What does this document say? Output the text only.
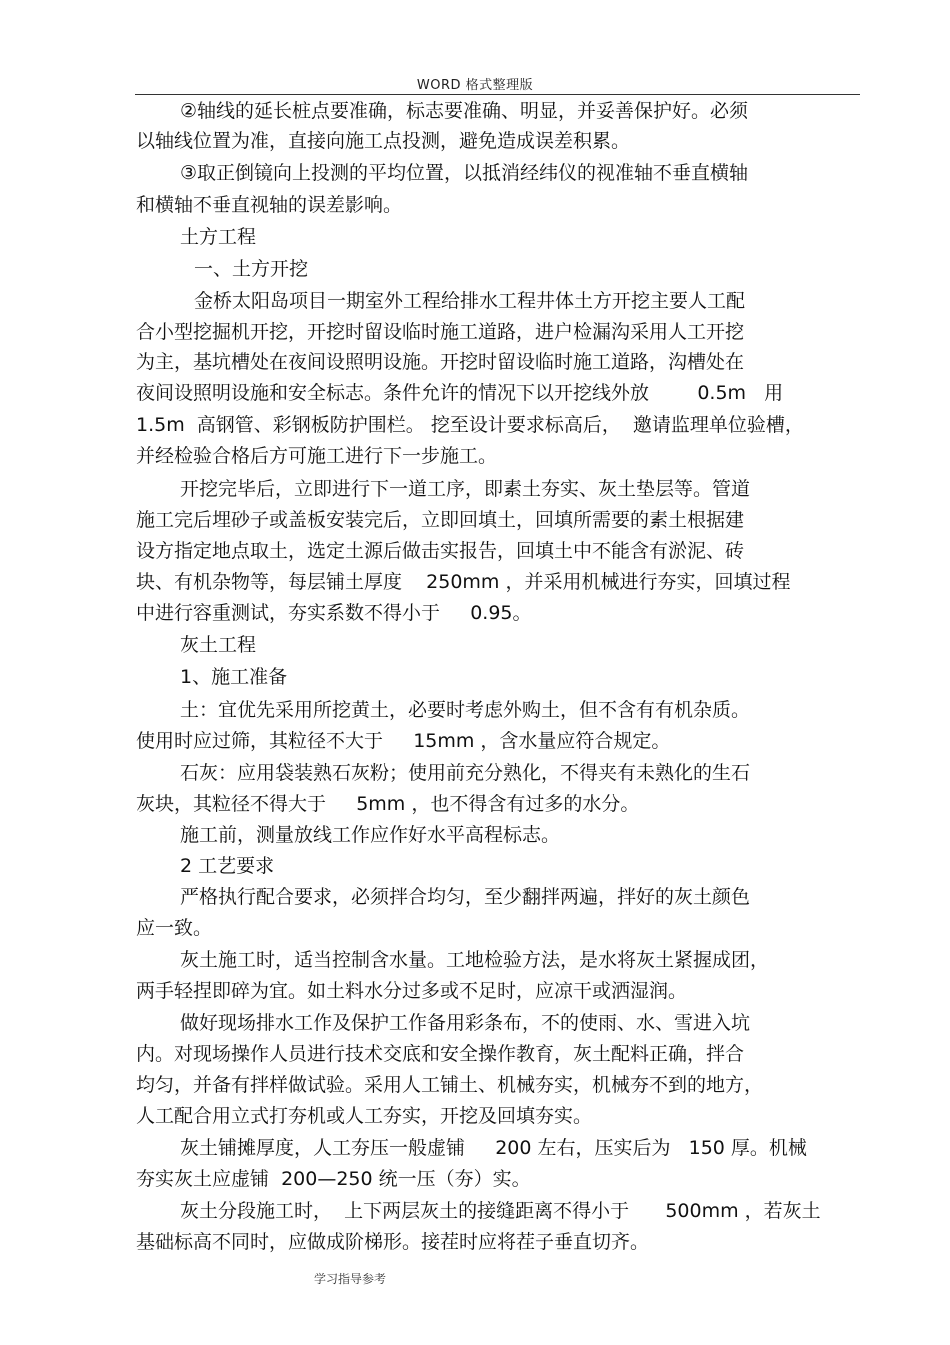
WORD 格式整理版
②轴线的延长桩点要准确，标志要准确、明显，并妥善保护好。必须
以轴线位置为准，直接向施工点投测，避免造成误差积累。
③取正倒镜向上投测的平均位置，以抵消经纬仪的视准轴不垂直横轴
和横轴不垂直视轴的误差影响。
土方工程
一、土方开挖
金桥太阳岛项目一期室外工程给排水工程井体土方开挖主要人工配
合小型挖掘机开挖，开挖时留设临时施工道路，进户检漏沟采用人工开挖
为主，基坑槽处在夜间设照明设施。开挖时留设临时施工道路，沟槽处在
夜间设照明设施和安全标志。条件允许的情况下以开挖线外放        0.5m   用
1.5m  高钢管、彩钢板防护围栏。 挖至设计要求标高后，  邀请监理单位验槽，
并经检验合格后方可施工进行下一步施工。
开挖完毕后，立即进行下一道工序，即素土夯实、灰土垫层等。管道
施工完后埋砂子或盖板安装完后，立即回填土，回填所需要的素土根据建
设方指定地点取土，选定土源后做击实报告，回填土中不能含有淤泥、砖
块、有机杂物等，每层铺土厚度    250mm ，并采用机械进行夯实，回填过程
中进行容重测试，夯实系数不得小于     0.95。
灰土工程
1、施工准备
土：宜优先采用所挖黄土，必要时考虑外购土，但不含有有机杂质。
使用时应过筛，其粒径不大于     15mm ，含水量应符合规定。
石灰：应用袋装熟石灰粉；使用前充分熟化，不得夹有未熟化的生石
灰块，其粒径不得大于     5mm ，也不得含有过多的水分。
施工前，测量放线工作应作好水平高程标志。
2 工艺要求
严格执行配合要求，必须拌合均匀，至少翻拌两遍，拌好的灰土颜色
应一致。
灰土施工时，适当控制含水量。工地检验方法，是水将灰土紧握成团，
两手轻捏即碎为宜。如土料水分过多或不足时，应凉干或洒湿润。
做好现场排水工作及保护工作备用彩条布，不的使雨、水、雪进入坑
内。对现场操作人员进行技术交底和安全操作教育，灰土配料正确，拌合
均匀，并备有拌样做试验。采用人工铺土、机械夯实，机械夯不到的地方，
人工配合用立式打夯机或人工夯实，开挖及回填夯实。
灰土铺摊厚度，人工夯压一般虚铺     200 左右，压实后为   150 厚。机械
夯实灰土应虚铺  200—250 统一压（夯）实。
灰土分段施工时，  上下两层灰土的接缝距离不得小于      500mm ，若灰土
基础标高不同时，应做成阶梯形。接茬时应将茬子垂直切齐。
学习指导参考
